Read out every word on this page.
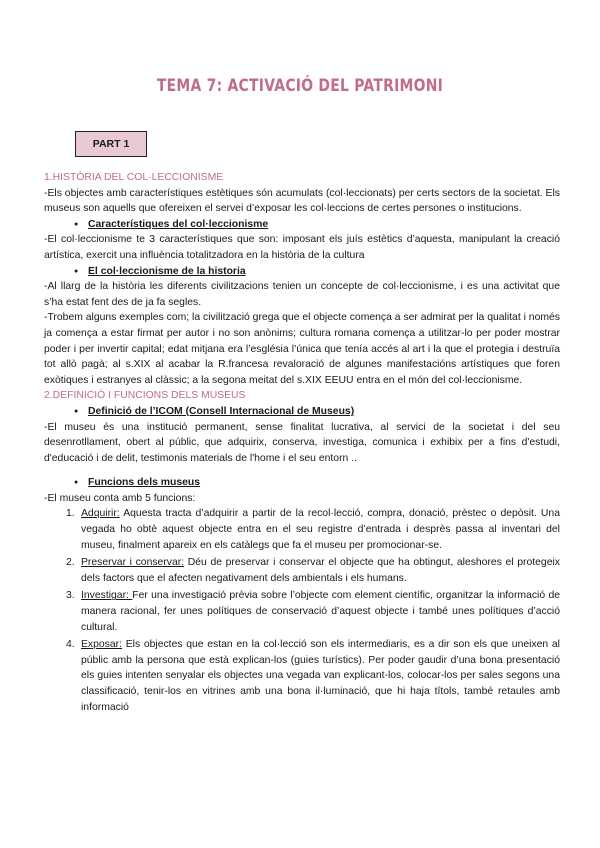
TEMA 7: ACTIVACIÓ DEL PATRIMONI
PART 1

1.HISTÒRIA DEL COL·LECCIONISME

-Els objectes amb característiques estètiques són acumulats (col·leccionats) per certs sectors de la societat. Els museus son aquells que ofereixen el servei d’exposar les col·leccions de certes persones o institucions.

● Característiques del col·leccionisme

-El col·leccionisme te 3 característiques que son: imposant els juís estètics d’aquesta, manipulant la creació artística, exercit una influència totalitzadora en la història de la cultura

● El col·leccionisme de la historia

-Al llarg de la història les diferents civilitzacions tenien un concepte de col·leccionisme, i es una activitat que s’ha estat fent des de ja fa segles.

-Trobem alguns exemples com; la civilització grega que el objecte comença a ser admirat per la qualitat i només ja comença a estar firmat per autor i no son anònims; cultura romana comença a utilitzar-lo per poder mostrar poder i per invertir capital; edat mitjana era l’església l’única que tenía accés al art i la que el protegia i destruïa tot allò pagà; al s.XIX al acabar la R.francesa revaloració de algunes manifestacións artístiques que foren exòtiques i estranyes al clàssic; a la segona meitat del s.XIX EEUU entra en el món del col·leccionisme.

2.DEFINICIÓ I FUNCIONS DELS MUSEUS

● Definició de l’ICOM (Consell Internacional de Museus)

-El museu és una institució permanent, sense finalitat lucrativa, al servici de la societat i del seu desenrotllament, obert al públic, que adquirix, conserva, investiga, comunica i exhibix per a fins d'estudi, d'educació i de delit, testimonis materials de l'home i el seu entorn ..

● Funcions dels museus

-El museu conta amb 5 funcions:

1. Adquirir: Aquesta tracta d’adquirir a partir de la recol·lecció, compra, donació, prèstec o depòsit. Una vegada ho obtè aquest objecte entra en el seu registre d’entrada i desprès passa al inventari del museu, finalment apareix en els catàlegs que fa el museu per promocionar-se.
2. Preservar i conservar: Déu de preservar i conservar el objecte que ha obtingut, aleshores el protegeix dels factors que el afecten negativament dels ambientals i els humans.
3. Investigar: Fer una investigació prèvia sobre l’objecte com element científic, organitzar la informació de manera racional, fer unes polítiques de conservació d’aquest objecte i també unes polítiques d’acció cultural.
4. Exposar: Els objectes que estan en la col·lecció son els intermediaris, es a dir son els que uneixen al públic amb la persona que està explican-los (guies turístics). Per poder gaudir d’una bona presentació els guies intenten senyalar els objectes una vegada van explicant-los, colocar-los per sales segons una classificació, tenir-los en vitrines amb una bona il·luminació, que hi haja títols, també retaules amb informació
